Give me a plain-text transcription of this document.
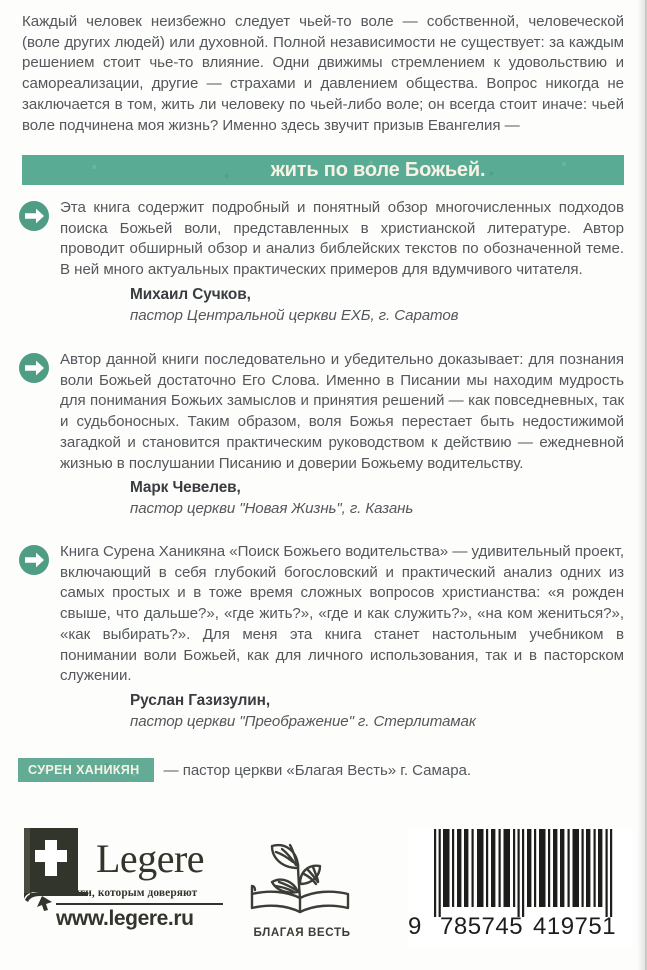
Каждый человек неизбежно следует чьей-то воле — собственной, человеческой (воле других людей) или духовной. Полной независимости не существует: за каждым решением стоит чье-то влияние. Одни движимы стремлением к удовольствию и самореализации, другие — страхами и давлением общества. Вопрос никогда не заключается в том, жить ли человеку по чьей-либо воле; он всегда стоит иначе: чьей воле подчинена моя жизнь? Именно здесь звучит призыв Евангелия —
жить по воле Божьей.
Эта книга содержит подробный и понятный обзор многочисленных подходов поиска Божьей воли, представленных в христианской литературе. Автор проводит обширный обзор и анализ библейских текстов по обозначенной теме. В ней много актуальных практических примеров для вдумчивого читателя.
Михаил Сучков,
пастор Центральной церкви ЕХБ, г. Саратов
Автор данной книги последовательно и убедительно доказывает: для познания воли Божьей достаточно Его Слова. Именно в Писании мы находим мудрость для понимания Божьих замыслов и принятия решений — как повседневных, так и судьбоносных. Таким образом, воля Божья перестает быть недостижимой загадкой и становится практическим руководством к действию — ежедневной жизнью в послушании Писанию и доверии Божьему водительству.
Марк Чевелев,
пастор церкви "Новая Жизнь", г. Казань
Книга Сурена Ханикяна «Поиск Божьего водительства» — удивительный проект, включающий в себя глубокий богословский и практический анализ одних из самых простых и в тоже время сложных вопросов христианства: «я рожден свыше, что дальше?», «где жить?», «где и как служить?», «на ком жениться?», «как выбирать?». Для меня эта книга станет настольным учебником в понимании воли Божьей, как для личного использования, так и в пасторском служении.
Руслан Газизулин,
пастор церкви "Преображение" г. Стерлитамак
СУРЕН ХАНИКЯН	— пастор церкви «Благая Весть» г. Самара.
Legere
книги, которым доверяют
www.legere.ru
БЛАГАЯ ВЕСТЬ	9 785745 419751
